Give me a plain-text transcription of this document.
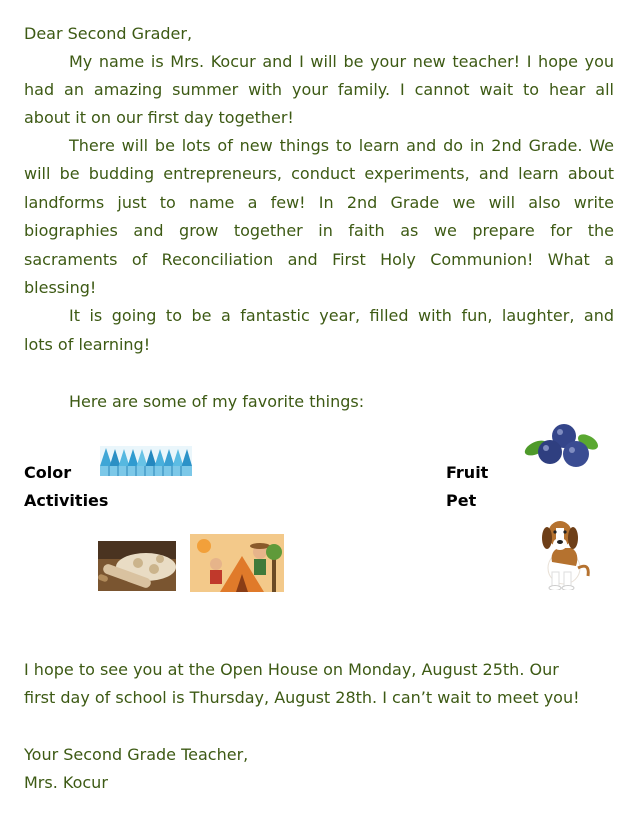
Dear Second Grader,
My name is Mrs. Kocur and I will be your new teacher! I hope you
had an amazing summer with your family. I cannot wait to hear all
about it on our first day together!
There will be lots of new things to learn and do in 2nd Grade. We
will be budding entrepreneurs, conduct experiments, and learn about
landforms just to name a few! In 2nd Grade we will also write
biographies and grow together in faith as we prepare for the
sacraments of Reconciliation and First Holy Communion! What a
blessing!
It is going to be a fantastic year, filled with fun, laughter, and
lots of learning!
Here are some of my favorite things:
Color	Fruit
Activities	Pet
I hope to see you at the Open House on Monday, August 25th. Our
first day of school is Thursday, August 28th. I can’t wait to meet you!
Your Second Grade Teacher,
Mrs. Kocur
